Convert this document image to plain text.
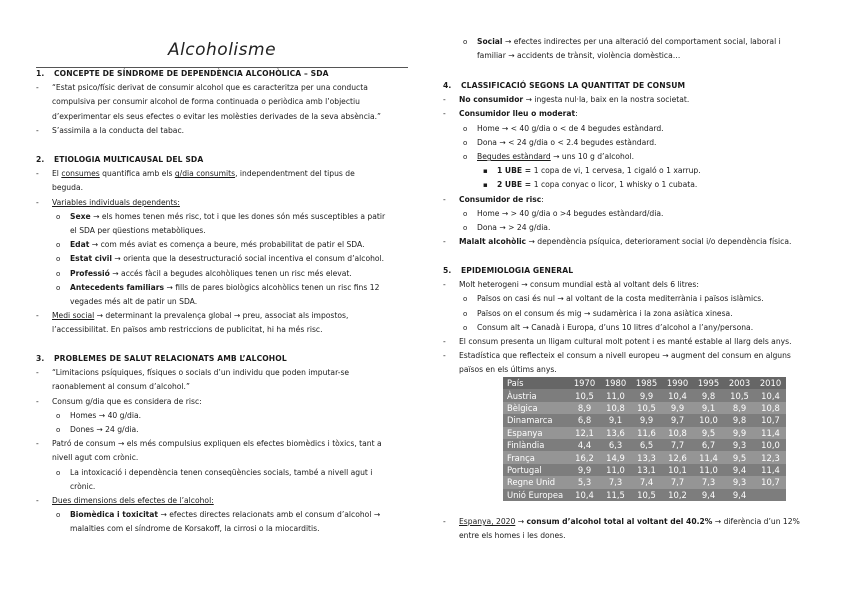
Alcoholisme
1. CONCEPTE DE SÍNDROME DE DEPENDÈNCIA ALCOHÒLICA – SDA
- “Estat psico/físic derivat de consumir alcohol que es caracteritza per una conducta
compulsiva per consumir alcohol de forma continuada o periòdica amb l’objectiu
d’experimentar els seus efectes o evitar les molèsties derivades de la seva absència.”
- S’assimila a la conducta del tabac.
2. ETIOLOGIA MULTICAUSAL DEL SDA
- El consumes quantifica amb els g/dia consumits, independentment del tipus de
beguda.
- Variables individuals dependents:
o Sexe → els homes tenen més risc, tot i que les dones són més susceptibles a patir
el SDA per qüestions metabòliques.
o Edat → com més aviat es comença a beure, més probabilitat de patir el SDA.
o Estat civil → orienta que la desestructuració social incentiva el consum d’alcohol.
o Professió → accés fàcil a begudes alcohòliques tenen un risc més elevat.
o Antecedents familiars → fills de pares biològics alcohòlics tenen un risc fins 12
vegades més alt de patir un SDA.
- Medi social → determinant la prevalença global → preu, associat als impostos,
l’accessibilitat. En països amb restriccions de publicitat, hi ha més risc.
3. PROBLEMES DE SALUT RELACIONATS AMB L’ALCOHOL
- “Limitacions psíquiques, físiques o socials d’un individu que poden imputar-se
raonablement al consum d’alcohol.”
- Consum g/dia que es considera de risc:
o Homes → 40 g/dia.
o Dones → 24 g/dia.
- Patró de consum → els més compulsius expliquen els efectes biomèdics i tòxics, tant a
nivell agut com crònic.
o La intoxicació i dependència tenen conseqüències socials, també a nivell agut i
crònic.
- Dues dimensions dels efectes de l’alcohol:
o Biomèdica i toxicitat → efectes directes relacionats amb el consum d’alcohol →
malalties com el síndrome de Korsakoff, la cirrosi o la miocarditis.
o Social → efectes indirectes per una alteració del comportament social, laboral i
familiar → accidents de trànsit, violència domèstica…
4. CLASSIFICACIÓ SEGONS LA QUANTITAT DE CONSUM
- No consumidor → ingesta nul·la, baix en la nostra societat.
- Consumidor lleu o moderat:
o Home → < 40 g/dia o < de 4 begudes estàndard.
o Dona → < 24 g/dia o < 2.4 begudes estàndard.
o Begudes estàndard → uns 10 g d’alcohol.
▪ 1 UBE = 1 copa de vi, 1 cervesa, 1 cigaló o 1 xarrup.
▪ 2 UBE = 1 copa conyac o licor, 1 whisky o 1 cubata.
- Consumidor de risc:
o Home → > 40 g/dia o >4 begudes estàndard/dia.
o Dona → > 24 g/dia.
- Malalt alcohòlic → dependència psíquica, deteriorament social i/o dependència física.
5. EPIDEMIOLOGIA GENERAL
- Molt heterogeni → consum mundial està al voltant dels 6 litres:
o Països on casi és nul → al voltant de la costa mediterrània i països islàmics.
o Països on el consum és mig → sudamèrica i la zona asiàtica xinesa.
o Consum alt → Canadà i Europa, d’uns 10 litres d’alcohol a l’any/persona.
- El consum presenta un lligam cultural molt potent i es manté estable al llarg dels anys.
- Estadística que reflecteix el consum a nivell europeu → augment del consum en alguns
països en els últims anys.
- Espanya, 2020 → consum d’alcohol total al voltant del 40.2% → diferència d’un 12%
entre els homes i les dones.
País	1970	1980	1985	1990	1995	2003	2010
Àustria	10,5	11,0	9,9	10,4	9,8	10,5	10,4
Bèlgica	8,9	10,8	10,5	9,9	9,1	8,9	10,8
Dinamarca	6,8	9,1	9,9	9,7	10,0	9,8	10,7
Espanya	12,1	13,6	11,6	10,8	9,5	9,9	11,4
Finlàndia	4,4	6,3	6,5	7,7	6,7	9,3	10,0
França	16,2	14,9	13,3	12,6	11,4	9,5	12,3
Portugal	9,9	11,0	13,1	10,1	11,0	9,4	11,4
Regne Unid	5,3	7,3	7,4	7,7	7,3	9,3	10,7
Unió Europea	10,4	11,5	10,5	10,2	9,4	9,4	
